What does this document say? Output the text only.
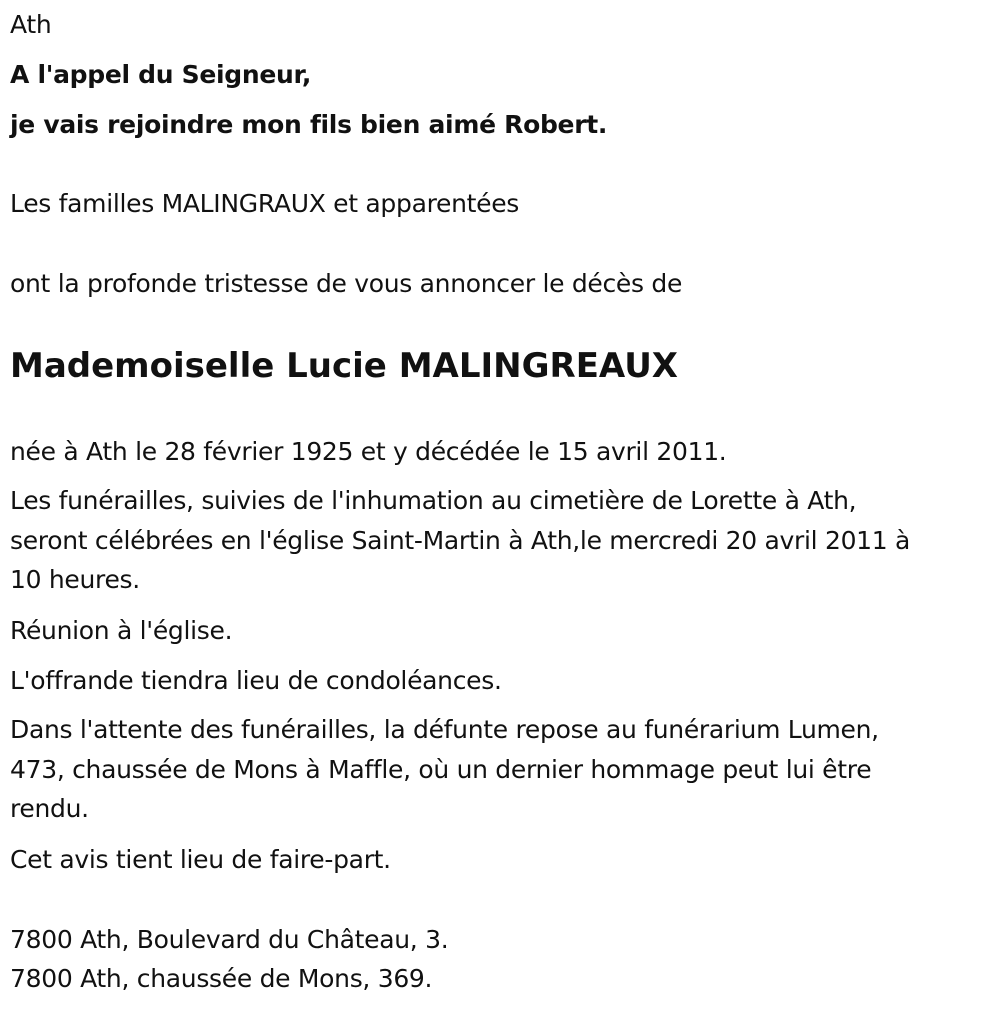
Ath
A l'appel du Seigneur,
je vais rejoindre mon fils bien aimé Robert.
Les familles MALINGRAUX et apparentées
ont la profonde tristesse de vous annoncer le décès de
Mademoiselle Lucie MALINGREAUX
née à Ath le 28 février 1925 et y décédée le 15 avril 2011.
Les funérailles, suivies de l'inhumation au cimetière de Lorette à Ath,
seront célébrées en l'église Saint-Martin à Ath,le mercredi 20 avril 2011 à
10 heures.
Réunion à l'église.
L'offrande tiendra lieu de condoléances.
Dans l'attente des funérailles, la défunte repose au funérarium Lumen,
473, chaussée de Mons à Maffle, où un dernier hommage peut lui être
rendu.
Cet avis tient lieu de faire-part.
7800 Ath, Boulevard du Château, 3.
7800 Ath, chaussée de Mons, 369.
